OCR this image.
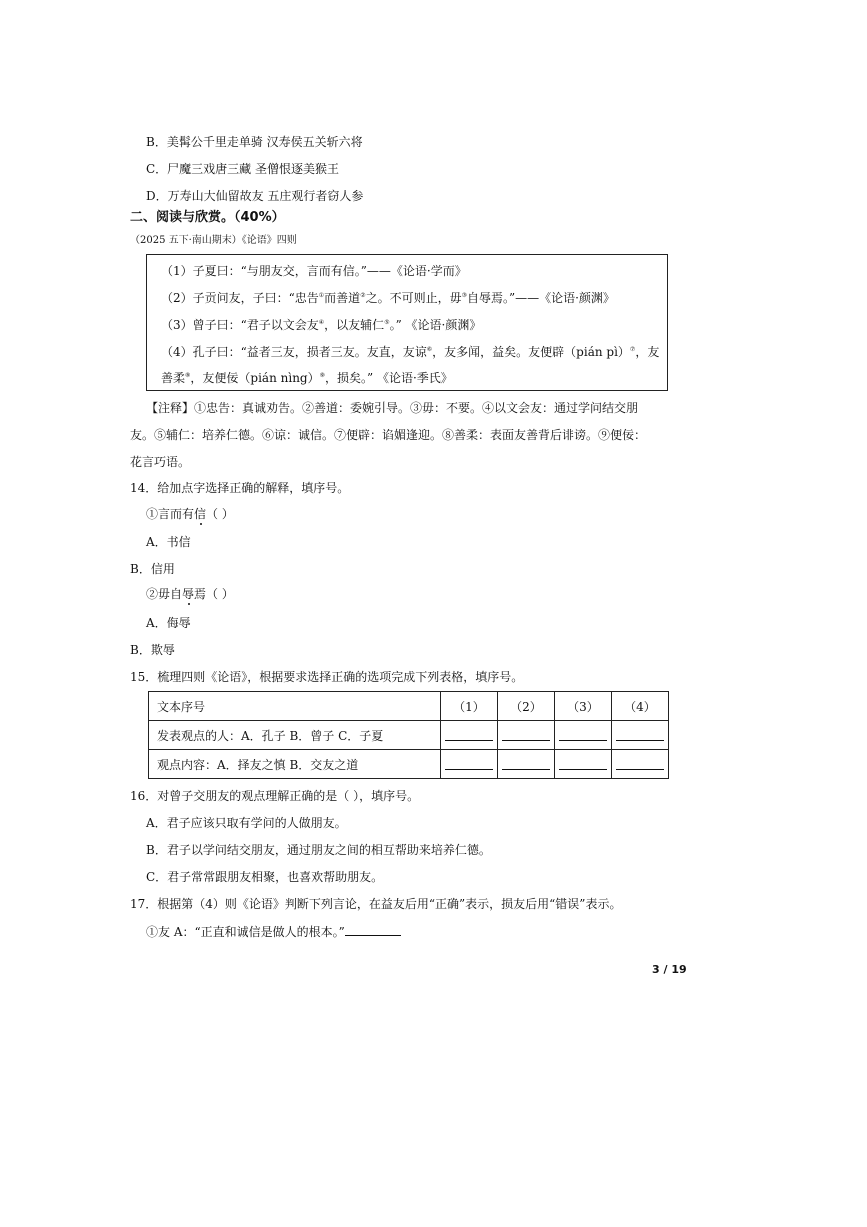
B．美髯公千里走单骑 汉寿侯五关斩六将
C．尸魔三戏唐三藏 圣僧恨逐美猴王
D．万寿山大仙留故友 五庄观行者窃人参
二、阅读与欣赏。（40%）
（2025 五下·南山期末）《论语》四则
（1）子夏曰：“与朋友交，言而有信。”——《论语·学而》
（2）子贡问友，子曰：“忠告①而善道②之。不可则止，毋③自辱焉。”——《论语·颜渊》
（3）曾子曰：“君子以文会友④，以友辅仁⑤。” 《论语·颜渊》
（4）孔子曰：“益者三友，损者三友。友直，友谅⑥，友多闻，益矣。友便辟（pián pì）⑦，友
善柔⑧，友便佞（pián nìng）⑨，损矣。” 《论语·季氏》
【注释】①忠告：真诚劝告。②善道：委婉引导。③毋：不要。④以文会友：通过学问结交朋
友。⑤辅仁：培养仁德。⑥谅：诚信。⑦便辟：谄媚逢迎。⑧善柔：表面友善背后诽谤。⑨便佞：
花言巧语。
14．给加点字选择正确的解释，填序号。
①言而有信（ ）
A．书信
B．信用
②毋自辱焉（ ）
A．侮辱
B．欺辱
15．梳理四则《论语》，根据要求选择正确的选项完成下列表格，填序号。
文本序号	（1）	（2）	（3）	（4）
发表观点的人：A．孔子 B．曾子 C．子夏				
观点内容：A．择友之慎 B．交友之道				
16．对曾子交朋友的观点理解正确的是（ ），填序号。
A．君子应该只取有学问的人做朋友。
B．君子以学问结交朋友，通过朋友之间的相互帮助来培养仁德。
C．君子常常跟朋友相聚，也喜欢帮助朋友。
17．根据第（4）则《论语》判断下列言论，在益友后用“正确”表示，损友后用“错误”表示。
①友 A：“正直和诚信是做人的根本。”
3 / 19
